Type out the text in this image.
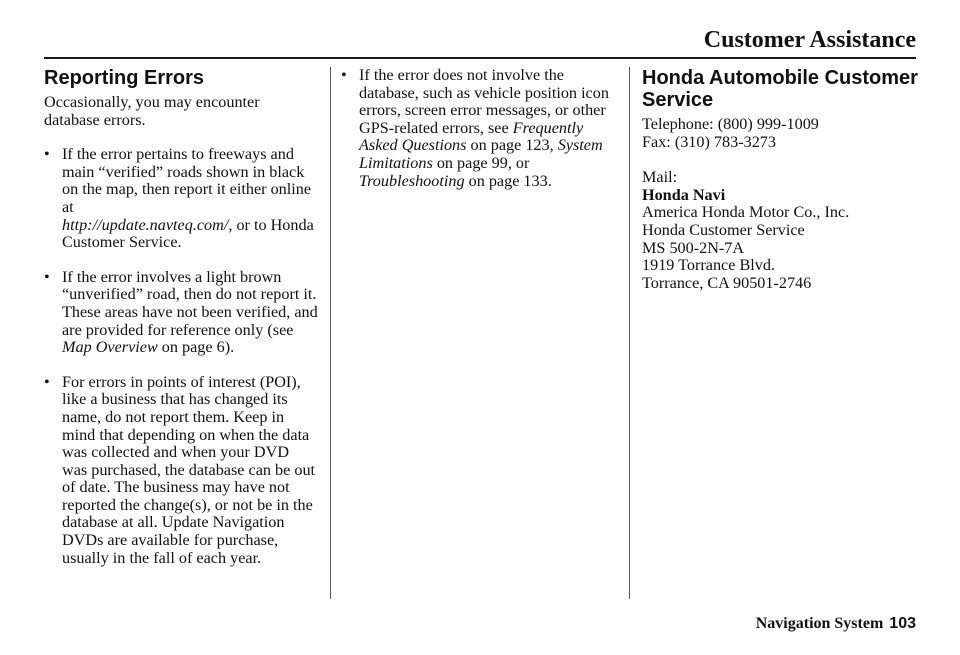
Customer Assistance
Reporting Errors

Occasionally, you may encounter database errors.

• If the error pertains to freeways and main “verified” roads shown in black on the map, then report it either online at
http://update.navteq.com/, or to Honda Customer Service.
• If the error involves a light brown “unverified” road, then do not report it. These areas have not been verified, and are provided for reference only (see Map Overview on page 6).
• For errors in points of interest (POI), like a business that has changed its name, do not report them. Keep in mind that depending on when the data was collected and when your DVD was purchased, the database can be out of date. The business may have not reported the change(s), or not be in the database at all. Update Navigation DVDs are available for purchase, usually in the fall of each year.
• If the error does not involve the database, such as vehicle position icon errors, screen error messages, or other GPS-related errors, see Frequently Asked Questions on page 123, System Limitations on page 99, or Troubleshooting on page 133.
Honda Automobile Customer Service
Telephone: (800) 999-1009
Fax: (310) 783-3273
Mail:
Honda Navi
America Honda Motor Co., Inc.
Honda Customer Service
MS 500-2N-7A
1919 Torrance Blvd.
Torrance, CA 90501-2746
Navigation System 103
